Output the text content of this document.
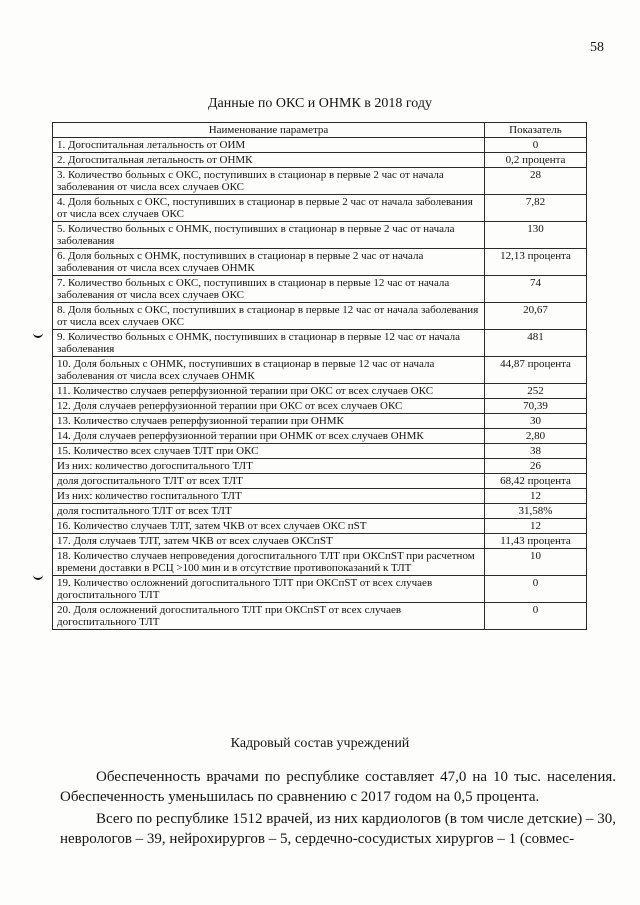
58
Данные по ОКС и ОНМК в 2018 году
Наименование параметра	Показатель
1. Догоспитальная летальность от ОИМ	0
2. Догоспитальная летальность от ОНМК	0,2 процента
3. Количество больных с ОКС, поступивших в стационар в первые 2 час от начала заболевания от числа всех случаев ОКС	28
4. Доля больных с ОКС, поступивших в стационар в первые 2 час от начала заболевания от числа всех случаев ОКС	7,82
5. Количество больных с ОНМК, поступивших в стационар в первые 2 час от начала заболевания	130
6. Доля больных с ОНМК, поступивших в стационар в первые 2 час от начала заболевания от числа всех случаев ОНМК	12,13 процента
7. Количество больных с ОКС, поступивших в стационар в первые 12 час от начала заболевания от числа всех случаев ОКС	74
8. Доля больных с ОКС, поступивших в стационар в первые 12 час от начала заболевания от числа всех случаев ОКС	20,67
9. Количество больных с ОНМК, поступивших в стационар в первые 12 час от начала заболевания	481
10. Доля больных с ОНМК, поступивших в стационар в первые 12 час от начала заболевания от числа всех случаев ОНМК	44,87 процента
11. Количество случаев реперфузионной терапии при ОКС от всех случаев ОКС	252
12. Доля случаев реперфузионной терапии при ОКС от всех случаев ОКС	70,39
13. Количество случаев реперфузионной терапии при ОНМК	30
14. Доля случаев реперфузионной терапии при ОНМК от всех случаев ОНМК	2,80
15. Количество всех случаев ТЛТ при ОКС	38
Из них: количество догоспитального ТЛТ	26
доля догоспитального ТЛТ от всех ТЛТ	68,42 процента
Из них: количество госпитального ТЛТ	12
доля госпитального ТЛТ от всех ТЛТ	31,58%
16. Количество случаев ТЛТ, затем ЧКВ от всех случаев ОКС пST	12
17. Доля случаев ТЛТ, затем ЧКВ от всех случаев ОКСпST	11,43 процента
18. Количество случаев непроведения догоспитального ТЛТ при ОКСпST при расчетном времени доставки в РСЦ >100 мин и в отсутствие противопоказаний к ТЛТ	10
19. Количество осложнений догоспитального ТЛТ при ОКСпST от всех случаев догоспитального ТЛТ	0
20. Доля осложнений догоспитального ТЛТ при ОКСпST от всех случаев догоспитального ТЛТ	0
Кадровый состав учреждений

Обеспеченность врачами по республике составляет 47,0 на 10 тыс. населения. Обеспеченность уменьшилась по сравнению с 2017 годом на 0,5 процента.

Всего по республике 1512 врачей, из них кардиологов (в том числе детские) – 30, неврологов – 39, нейрохирургов – 5, сердечно-сосудистых хирургов – 1 (совмес-
